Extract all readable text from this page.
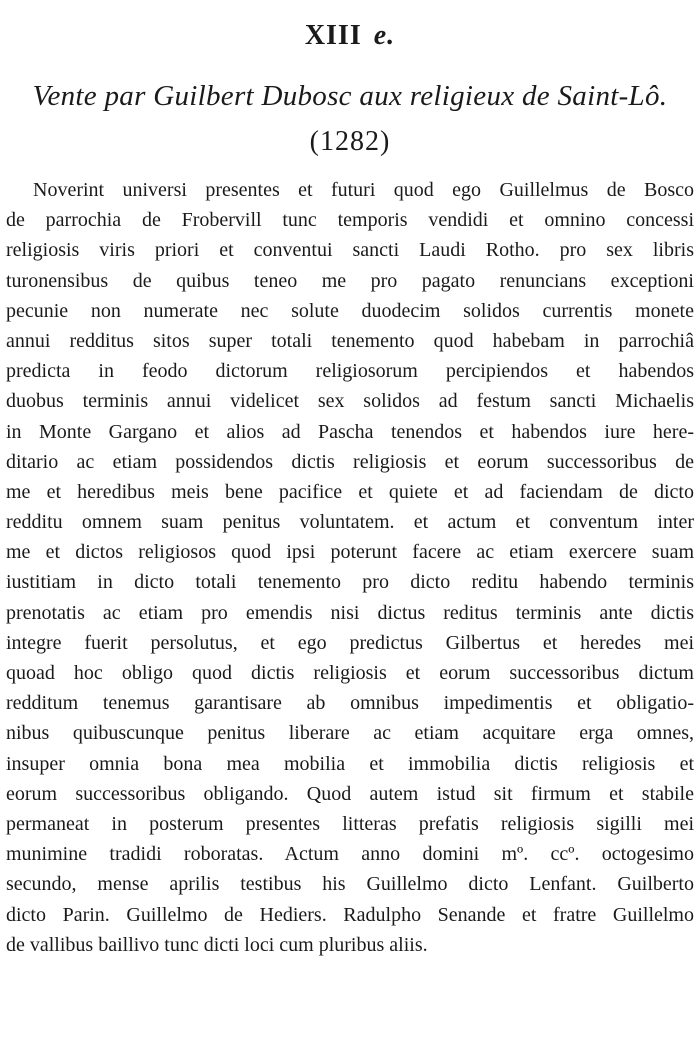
XIII e.
Vente par Guilbert Dubosc aux religieux de Saint-Lô.
(1282)
Noverint universi presentes et futuri quod ego Guillelmus de Bosco
de parrochia de Frobervill tunc temporis vendidi et omnino concessi
religiosis viris priori et conventui sancti Laudi Rotho. pro sex libris
turonensibus de quibus teneo me pro pagato renuncians exceptioni
pecunie non numerate nec solute duodecim solidos currentis monete
annui redditus sitos super totali tenemento quod habebam in parrochiâ
predicta in feodo dictorum religiosorum percipiendos et habendos
duobus terminis annui videlicet sex solidos ad festum sancti Michaelis
in Monte Gargano et alios ad Pascha tenendos et habendos iure here-
ditario ac etiam possidendos dictis religiosis et eorum successoribus de
me et heredibus meis bene pacifice et quiete et ad faciendam de dicto
redditu omnem suam penitus voluntatem. et actum et conventum inter
me et dictos religiosos quod ipsi poterunt facere ac etiam exercere suam
iustitiam in dicto totali tenemento pro dicto reditu habendo terminis
prenotatis ac etiam pro emendis nisi dictus reditus terminis ante dictis
integre fuerit persolutus, et ego predictus Gilbertus et heredes mei
quoad hoc obligo quod dictis religiosis et eorum successoribus dictum
redditum tenemus garantisare ab omnibus impedimentis et obligatio-
nibus quibuscunque penitus liberare ac etiam acquitare erga omnes,
insuper omnia bona mea mobilia et immobilia dictis religiosis et
eorum successoribus obligando. Quod autem istud sit firmum et stabile
permaneat in posterum presentes litteras prefatis religiosis sigilli mei
munimine tradidi roboratas. Actum anno domini mº. ccº. octogesimo
secundo, mense aprilis testibus his Guillelmo dicto Lenfant. Guilberto
dicto Parin. Guillelmo de Hediers. Radulpho Senande et fratre Guillelmo
de vallibus baillivo tunc dicti loci cum pluribus aliis.
